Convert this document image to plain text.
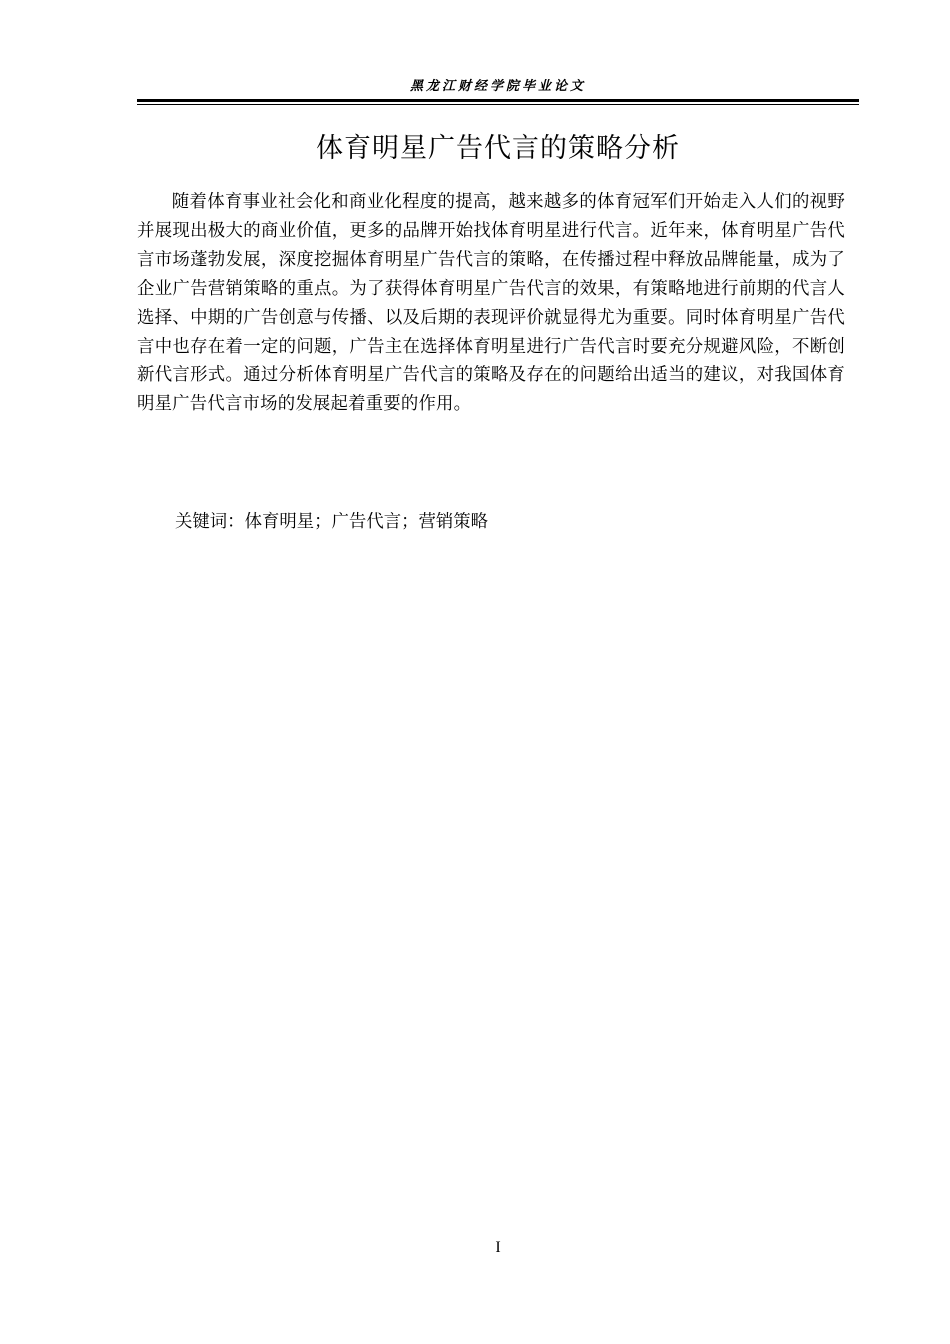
黑龙江财经学院毕业论文
体育明星广告代言的策略分析

随着体育事业社会化和商业化程度的提高，越来越多的体育冠军们开始走入人们的视野并展现出极大的商业价值，更多的品牌开始找体育明星进行代言。近年来，体育明星广告代言市场蓬勃发展，深度挖掘体育明星广告代言的策略，在传播过程中释放品牌能量，成为了企业广告营销策略的重点。为了获得体育明星广告代言的效果，有策略地进行前期的代言人选择、中期的广告创意与传播、以及后期的表现评价就显得尤为重要。同时体育明星广告代言中也存在着一定的问题，广告主在选择体育明星进行广告代言时要充分规避风险，不断创新代言形式。通过分析体育明星广告代言的策略及存在的问题给出适当的建议，对我国体育明星广告代言市场的发展起着重要的作用。

关键词：体育明星；广告代言；营销策略
I
